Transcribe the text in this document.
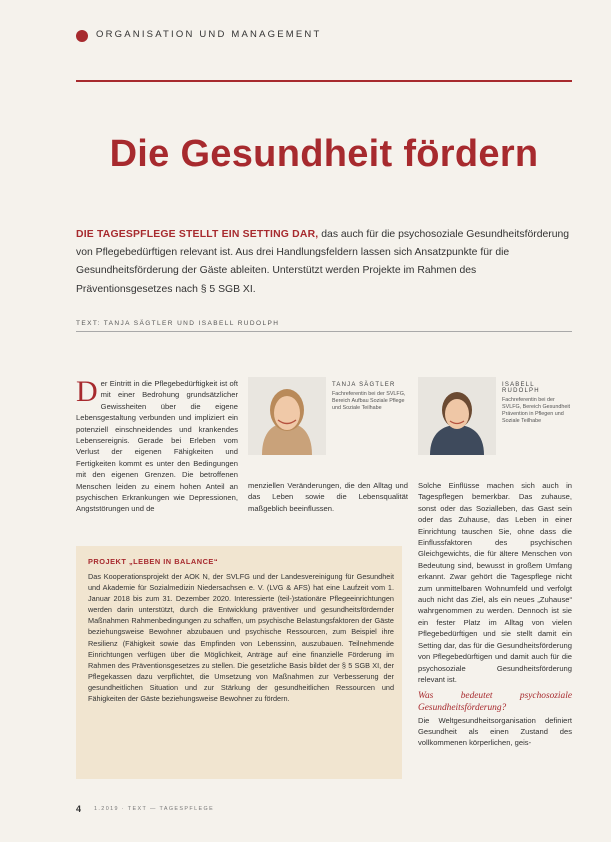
ORGANISATION UND MANAGEMENT
Die Gesundheit fördern
DIE TAGESPFLEGE STELLT EIN SETTING DAR, das auch für die psychosoziale Gesundheitsförderung von Pflegebedürftigen relevant ist. Aus drei Handlungsfeldern lassen sich Ansatzpunkte für die Gesundheitsförderung der Gäste ableiten. Unterstützt werden Projekte im Rahmen des Präventionsgesetzes nach § 5 SGB XI.
TEXT: TANJA SÄGTLER UND ISABELL RUDOLPH
Der Eintritt in die Pflegebedürftigkeit ist oft mit einer Bedrohung grundsätzlicher Gewissheiten über die eigene Lebensgestaltung verbunden und impliziert ein potenziell einschneidendes und krankendes Lebensereignis. Gerade bei Erleben vom Verlust der eigenen Fähigkeiten und Fertigkeiten kommt es unter den Bedingungen mit den eigenen Grenzen. Die betroffenen Menschen leiden zu einem hohen Anteil an psychischen Erkrankungen wie Depressionen, Angststörungen und de
TANJA SÄGTLER
Fachreferentin bei der SVLFG, Bereich Aufbau Soziale Pflege und Soziale Teilhabe
ISABELL RUDOLPH
Fachreferentin bei der SVLFG, Bereich Gesundheit Prävention in Pflegen und Soziale Teilhabe
menziellen Veränderungen, die den Alltag und das Leben sowie die Lebensqualität maßgeblich beeinflussen.
Solche Einflüsse machen sich auch in Tagespflegen bemerkbar. Das zuhause, sonst oder das Sozialleben, das Gast sein oder das Zuhause, das Leben in einer Einrichtung tauschen Sie, ohne dass die Einflussfaktoren des psychischen Gleichgewichts, die für ältere Menschen von Bedeutung sind, bewusst in großem Umfang erkannt. Zwar gehört die Tagespflege nicht zum unmittelbaren Wohnumfeld und verfolgt auch nicht das Ziel, als ein neues „Zuhause“ wahrgenommen zu werden. Dennoch ist sie ein fester Platz im Alltag von vielen Pflegebedürftigen und sie stellt damit ein Setting dar, das für die Gesundheitsförderung von Pflegebedürftigen und damit auch für die psychosoziale Gesundheitsförderung relevant ist.
Was bedeutet psychosoziale Gesundheitsförderung?
Die Weltgesundheitsorganisation definiert Gesundheit als einen Zustand des vollkommenen körperlichen, geis-
PROJEKT „LEBEN IN BALANCE“
Das Kooperationsprojekt der AOK N, der SVLFG und der Landesvereinigung für Gesundheit und Akademie für Sozialmedizin Niedersachsen e. V. (LVG & AFS) hat eine Laufzeit vom 1. Januar 2018 bis zum 31. Dezember 2020. Interessierte (teil-)stationäre Pflegeeinrichtungen werden darin unterstützt, durch die Entwicklung präventiver und gesundheitsfördernder Maßnahmen Rahmenbedingungen zu schaffen, um psychische Belastungsfaktoren der Gäste beziehungsweise Bewohner abzubauen und psychische Ressourcen, zum Beispiel ihre Resilienz (Fähigkeit sowie das Empfinden von Lebenssinn, auszubauen. Teilnehmende Einrichtungen verfügen über die Möglichkeit, Anträge auf eine finanzielle Förderung im Rahmen des Präventionsgesetzes zu stellen. Die gesetzliche Basis bildet der § 5 SGB XI, der Pflegekassen dazu verpflichtet, die Umsetzung von Maßnahmen zur Verbesserung der gesundheitlichen Situation und zur Stärkung der gesundheitlichen Ressourcen und Fähigkeiten der Gäste beziehungsweise Bewohner zu fördern.
4 1.2019 · TEXT — TAGESPFLEGE
